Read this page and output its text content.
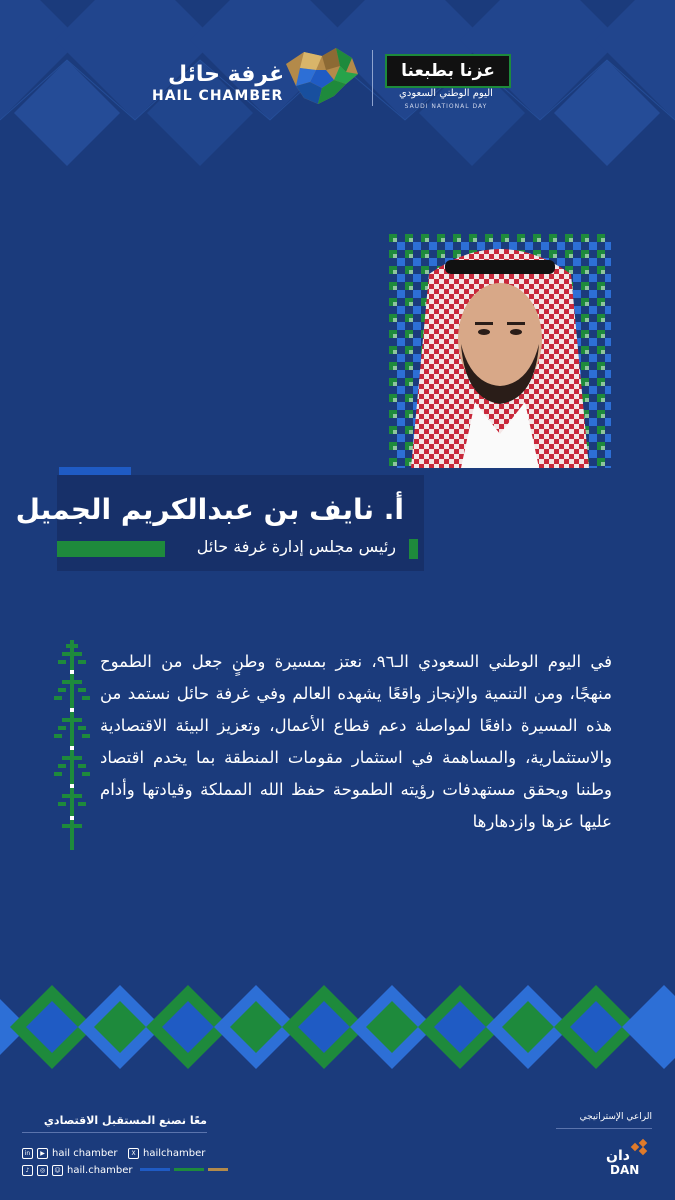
غرفة حائل
HAIL CHAMBER
عزنا بطبعنا
اليوم الوطني السعودي
SAUDI NATIONAL DAY
أ. نايف بن عبدالكريم الجميل
رئيس مجلس إدارة غرفة حائل
في اليوم الوطني السعودي الـ٩٦، نعتز بمسيرة وطنٍ جعل من الطموح منهجًا، ومن التنمية والإنجاز واقعًا يشهده العالم وفي غرفة حائل نستمد من هذه المسيرة دافعًا لمواصلة دعم قطاع الأعمال، وتعزيز البيئة الاقتصادية والاستثمارية، والمساهمة في استثمار مقومات المنطقة بما يخدم اقتصاد وطننا ويحقق مستهدفات رؤيته الطموحة حفظ الله المملكة وقيادتها وأدام عليها عزها وازدهارها
معًا نصنع المستقبل الاقتصادي
in	▶ hail chamber	X hailchamber
♪	◎	☺ hail.chamber
الراعي الإستراتيجي
دان
DAN
